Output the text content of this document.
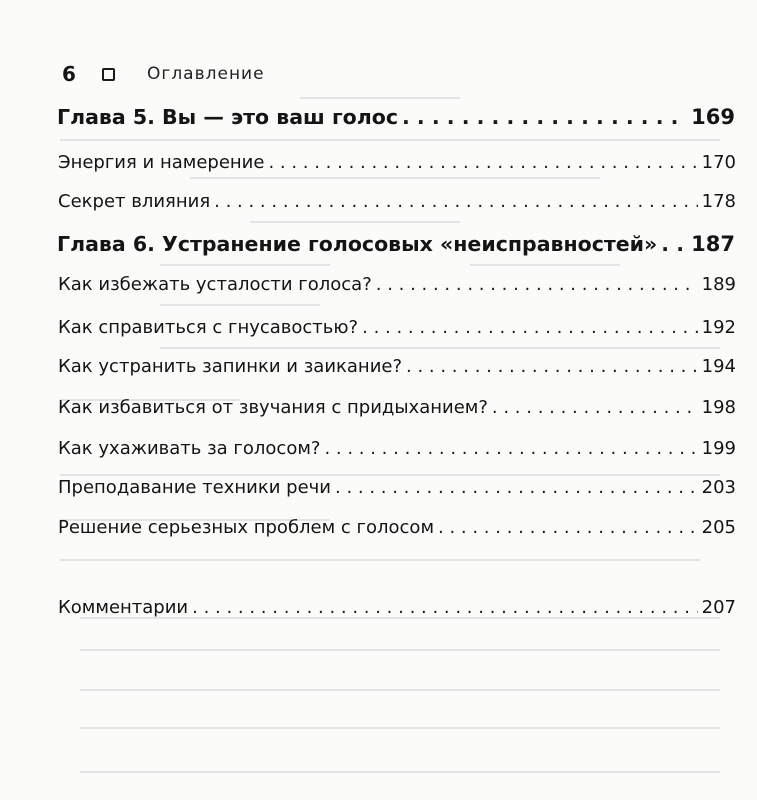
6	Оглавление
Глава 5. Вы — это ваш голос . . .	169
Энергия и намерение . . .	170
Секрет влияния . . .	178
Глава 6. Устранение голосовых «неисправностей» . . . 187
Как избежать усталости голоса? . . .	189
Как справиться с гнусавостью? . . .	192
Как устранить запинки и заикание? . . .	194
Как избавиться от звучания с придыханием? . . .	198
Как ухаживать за голосом? . . .	199
Преподавание техники речи . . .	203
Решение серьезных проблем с голосом . . .	205
Комментарии . . .	207
